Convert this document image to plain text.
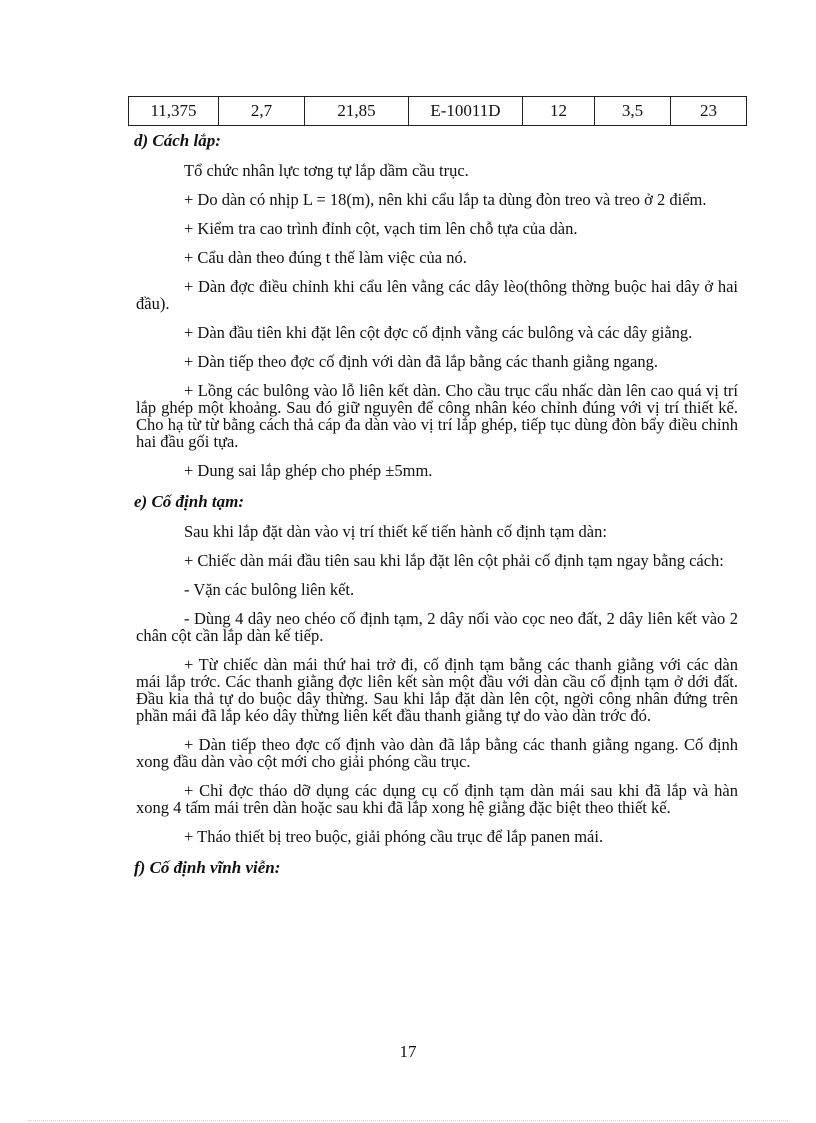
11,375	2,7	21,85	E-10011D	12	3,5	23
d) Cách lắp:

Tổ chức nhân lực tơng tự lắp dầm cầu trục.

+ Do dàn có nhịp L = 18(m), nên khi cẩu lắp ta dùng đòn treo và treo ở 2 điểm.

+ Kiểm tra cao trình đỉnh cột, vạch tim lên chỗ tựa của dàn.

+ Cẩu dàn theo đúng t thế làm việc của nó.

+ Dàn đợc điều chỉnh khi cẩu lên vằng các dây lèo(thông thờng buộc hai dây ở hai đầu).

+ Dàn đầu tiên khi đặt lên cột đợc cố định vằng các bulông và các dây giằng.

+ Dàn tiếp theo đợc cố định với dàn đã lắp bằng các thanh giằng ngang.

+ Lồng các bulông vào lỗ liên kết dàn. Cho cầu trục cẩu nhấc dàn lên cao quá vị trí lắp ghép một khoảng. Sau đó giữ nguyên để công nhân kéo chỉnh đúng với vị trí thiết kế. Cho hạ từ từ bằng cách thả cáp đa dàn vào vị trí lắp ghép, tiếp tục dùng đòn bẩy điều chỉnh hai đầu gối tựa.

+ Dung sai lắp ghép cho phép ±5mm.

e) Cố định tạm:

Sau khi lắp đặt dàn vào vị trí thiết kế tiến hành cố định tạm dàn:

+ Chiếc dàn mái đầu tiên sau khi lắp đặt lên cột phải cố định tạm ngay bằng cách:

- Vặn các bulông liên kết.

- Dùng 4 dây neo chéo cố định tạm, 2 dây nối vào cọc neo đất, 2 dây liên kết vào 2 chân cột cần lắp dàn kế tiếp.

+ Từ chiếc dàn mái thứ hai trở đi, cố định tạm bằng các thanh giằng với các dàn mái lắp trớc. Các thanh giằng đợc liên kết sàn một đầu với dàn cầu cố định tạm ở dới đất. Đầu kia thả tự do buộc dây thừng. Sau khi lắp đặt dàn lên cột, ngời công nhân đứng trên phần mái đã lắp kéo dây thừng liên kết đầu thanh giằng tự do vào dàn trớc đó.

+ Dàn tiếp theo đợc cố định vào dàn đã lắp bằng các thanh giằng ngang. Cố định xong đầu dàn vào cột mới cho giải phóng cầu trục.

+ Chỉ đợc tháo dỡ dụng các dụng cụ cố định tạm dàn mái sau khi đã lắp và hàn xong 4 tấm mái trên dàn hoặc sau khi đã lắp xong hệ giằng đặc biệt theo thiết kế.

+ Tháo thiết bị treo buộc, giải phóng cầu trục để lắp panen mái.

f) Cố định vĩnh viễn:
17
